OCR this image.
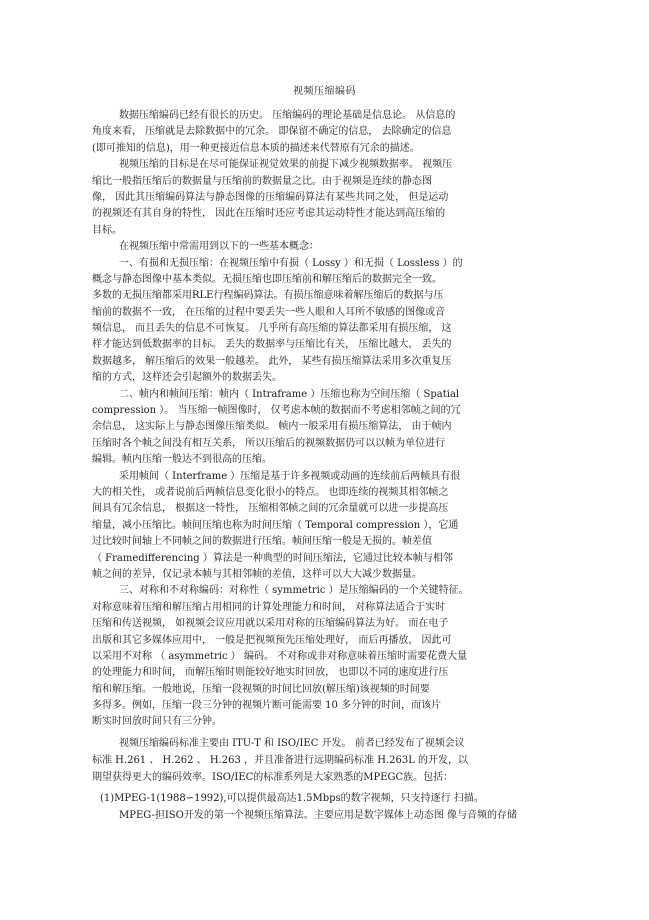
视频压缩编码
数据压缩编码已经有很长的历史。 压缩编码的理论基础是信息论。 从信息的
角度来看， 压缩就是去除数据中的冗余。 即保留不确定的信息， 去除确定的信息
(即可推知的信息)，用一种更接近信息本质的描述来代替原有冗余的描述。
视频压缩的目标是在尽可能保证视觉效果的前提下减少视频数据率。 视频压
缩比一般指压缩后的数据量与压缩前的数据量之比。由于视频是连续的静态图
像， 因此其压缩编码算法与静态图像的压缩编码算法有某些共同之处， 但是运动
的视频还有其自身的特性， 因此在压缩时还应考虑其运动特性才能达到高压缩的
目标。
在视频压缩中常需用到以下的一些基本概念：
一、有损和无损压缩：在视频压缩中有损（ Lossy ）和无损（ Lossless ）的
概念与静态图像中基本类似。无损压缩也即压缩前和解压缩后的数据完全一致。
多数的无损压缩都采用RLE行程编码算法。有损压缩意味着解压缩后的数据与压
缩前的数据不一致， 在压缩的过程中要丢失一些人眼和人耳所不敏感的图像或音
频信息， 而且丢失的信息不可恢复。 几乎所有高压缩的算法都采用有损压缩， 这
样才能达到低数据率的目标。 丢失的数据率与压缩比有关， 压缩比越大， 丢失的
数据越多， 解压缩后的效果一般越差。 此外， 某些有损压缩算法采用多次重复压
缩的方式，这样还会引起额外的数据丢失。
二、帧内和帧间压缩：帧内（ Intraframe ）压缩也称为空间压缩（ Spatial
compression ）。 当压缩一帧图像时， 仅考虑本帧的数据而不考虑相邻帧之间的冗
余信息， 这实际上与静态图像压缩类似。 帧内一般采用有损压缩算法， 由于帧内
压缩时各个帧之间没有相互关系， 所以压缩后的视频数据仍可以以帧为单位进行
编辑。帧内压缩一般达不到很高的压缩。
采用帧间（ Interframe ）压缩是基于许多视频或动画的连续前后两帧具有很
大的相关性， 或者说前后两帧信息变化很小的特点。 也即连续的视频其相邻帧之
间具有冗余信息， 根据这一特性， 压缩相邻帧之间的冗余量就可以进一步提高压
缩量，减小压缩比。帧间压缩也称为时间压缩（ Temporal compression ），它通
过比较时间轴上不同帧之间的数据进行压缩。帧间压缩一般是无损的。帧差值
（ Framedifferencing ）算法是一种典型的时间压缩法，它通过比较本帧与相邻
帧之间的差异，仅记录本帧与其相邻帧的差值，这样可以大大减少数据量。
三、对称和不对称编码：对称性（ symmetric ）是压缩编码的一个关键特征。
对称意味着压缩和解压缩占用相同的计算处理能力和时间， 对称算法适合于实时
压缩和传送视频， 如视频会议应用就以采用对称的压缩编码算法为好。 而在电子
出版和其它多媒体应用中， 一般是把视频预先压缩处理好， 而后再播放， 因此可
以采用不对称 （ asymmetric ） 编码。 不对称或非对称意味着压缩时需要花费大量
的处理能力和时间， 而解压缩时则能较好地实时回放， 也即以不同的速度进行压
缩和解压缩。一般地说，压缩一段视频的时间比回放(解压缩)该视频的时间要
多得多。例如，压缩一段三分钟的视频片断可能需要 10 多分钟的时间，而该片
断实时回放时间只有三分钟。
视频压缩编码标准主要由 ITU-T 和 ISO/IEC 开发。 前者已经发布了视频会议
标准 H.261 、 H.262 、 H.263 ，并且准备进行远期编码标准 H.263L 的开发，以
期望获得更大的编码效率。ISO/IEC的标准系列是大家熟悉的MPEGC族。包括：
(1)MPEG-1(1988∽1992),可以提供最高达1.5Mbps的数字视频，只支持逐行 扫描。
MPEG-担ISO开发的第一个视频压缩算法。主要应用是数字媒体上动态图 像与音频的存储
